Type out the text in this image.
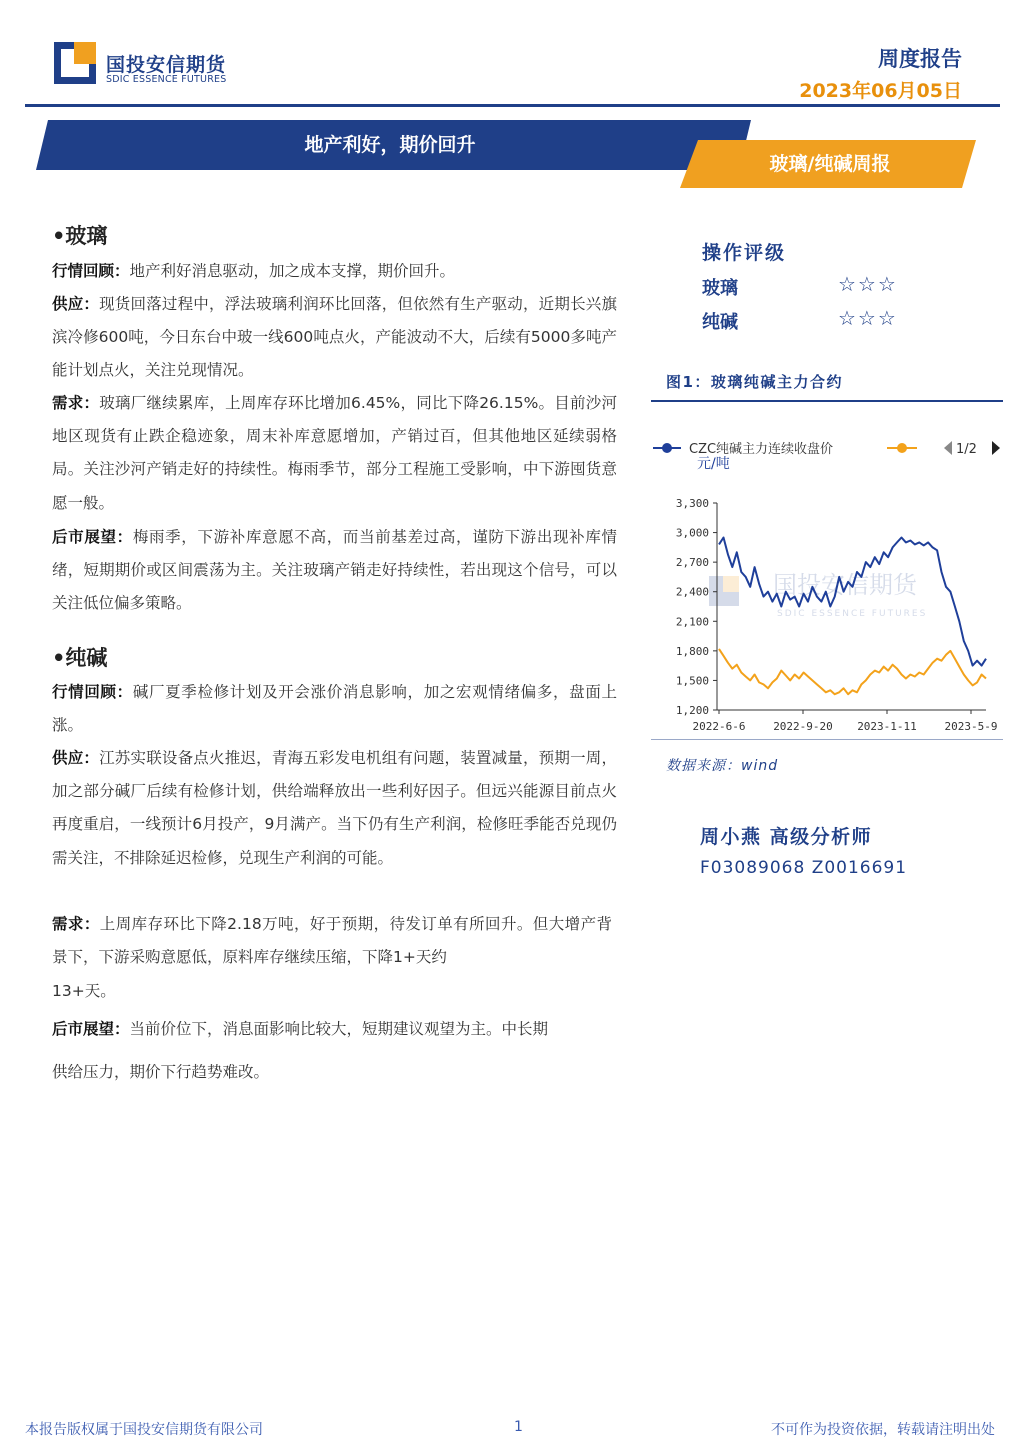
国投安信期货
SDIC ESSENCE FUTURES
周度报告
2023年06月05日
地产利好，期价回升
玻璃/纯碱周报
•玻璃
行情回顾：地产利好消息驱动，加之成本支撑，期价回升。
供应：现货回落过程中，浮法玻璃利润环比回落，但依然有生产驱动，近期长兴旗滨冷修600吨，今日东台中玻一线600吨点火，产能波动不大，后续有5000多吨产能计划点火，关注兑现情况。
需求：玻璃厂继续累库，上周库存环比增加6.45%，同比下降26.15%。目前沙河地区现货有止跌企稳迹象，周末补库意愿增加，产销过百，但其他地区延续弱格局。关注沙河产销走好的持续性。梅雨季节，部分工程施工受影响，中下游囤货意愿一般。
后市展望：梅雨季，下游补库意愿不高，而当前基差过高，谨防下游出现补库情绪，短期期价或区间震荡为主。关注玻璃产销走好持续性，若出现这个信号，可以关注低位偏多策略。
•纯碱
行情回顾：碱厂夏季检修计划及开会涨价消息影响，加之宏观情绪偏多，盘面上涨。
供应：江苏实联设备点火推迟，青海五彩发电机组有问题，装置减量，预期一周，加之部分碱厂后续有检修计划，供给端释放出一些利好因子。但远兴能源目前点火再度重启，一线预计6月投产，9月满产。当下仍有生产利润，检修旺季能否兑现仍需关注，不排除延迟检修，兑现生产利润的可能。
需求：上周库存环比下降2.18万吨，好于预期，待发订单有所回升。但大增产背景下，下游采购意愿低，原料库存继续压缩，下降1+天约
13+天。
后市展望：当前价位下，消息面影响比较大，短期建议观望为主。中长期
供给压力，期价下行趋势难改。
操作评级
玻璃	☆☆☆
纯碱	☆☆☆
图1：玻璃纯碱主力合约
CZC纯碱主力连续收盘价	1/2
元/吨
国投安信期货
SDIC ESSENCE FUTURES
3,300
3,000
2,700
2,400
2,100
1,800
1,500
1,200
2022-6-6	2022-9-20 2023-1-11	2023-5-9
数据来源：wind
周小燕 高级分析师
F03089068 Z0016691
本报告版权属于国投安信期货有限公司	1	不可作为投资依据，转载请注明出处
